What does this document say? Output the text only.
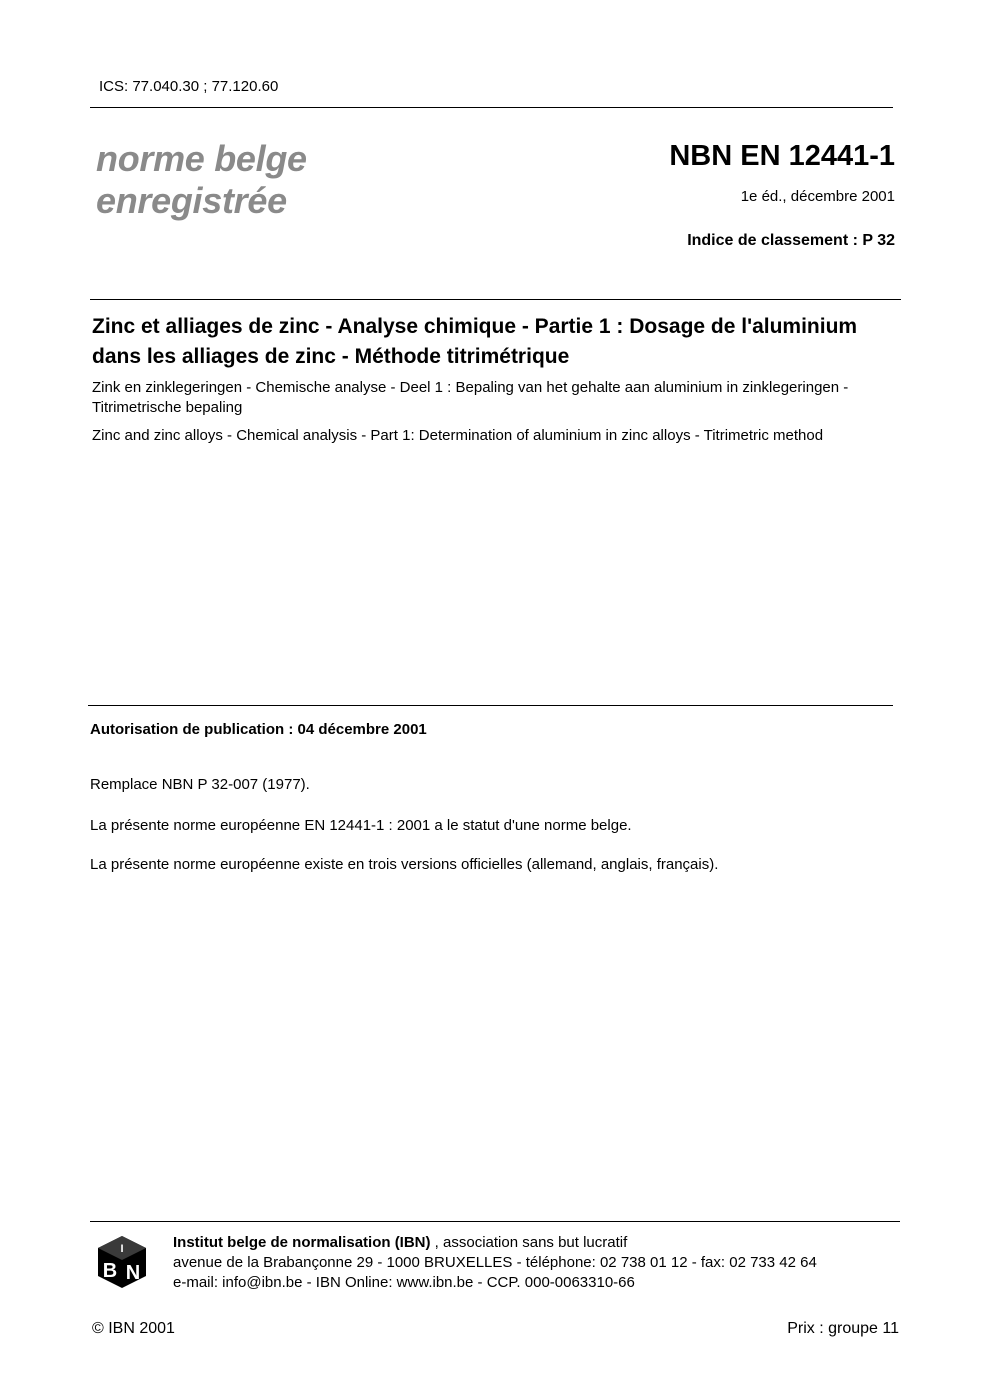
ICS: 77.040.30 ; 77.120.60
norme belge
enregistrée
NBN EN 12441-1
1e éd., décembre 2001
Indice de classement : P 32
Zinc et alliages de zinc - Analyse chimique - Partie 1 : Dosage de l'aluminium dans les alliages de zinc - Méthode titrimétrique
Zink en zinklegeringen - Chemische analyse - Deel 1 : Bepaling van het gehalte aan aluminium in zinklegeringen - Titrimetrische bepaling
Zinc and zinc alloys - Chemical analysis - Part 1: Determination of aluminium in zinc alloys - Titrimetric method
Autorisation de publication : 04 décembre 2001
Remplace NBN P 32-007 (1977).
La présente norme européenne EN 12441-1 : 2001 a le statut d'une norme belge.
La présente norme européenne existe en trois versions officielles (allemand, anglais, français).
I
B N
Institut belge de normalisation (IBN) , association sans but lucratif
avenue de la Brabançonne 29 - 1000 BRUXELLES - téléphone: 02 738 01 12 - fax: 02 733 42 64
e-mail: info@ibn.be - IBN Online: www.ibn.be - CCP. 000-0063310-66
© IBN 2001	Prix : groupe 11
